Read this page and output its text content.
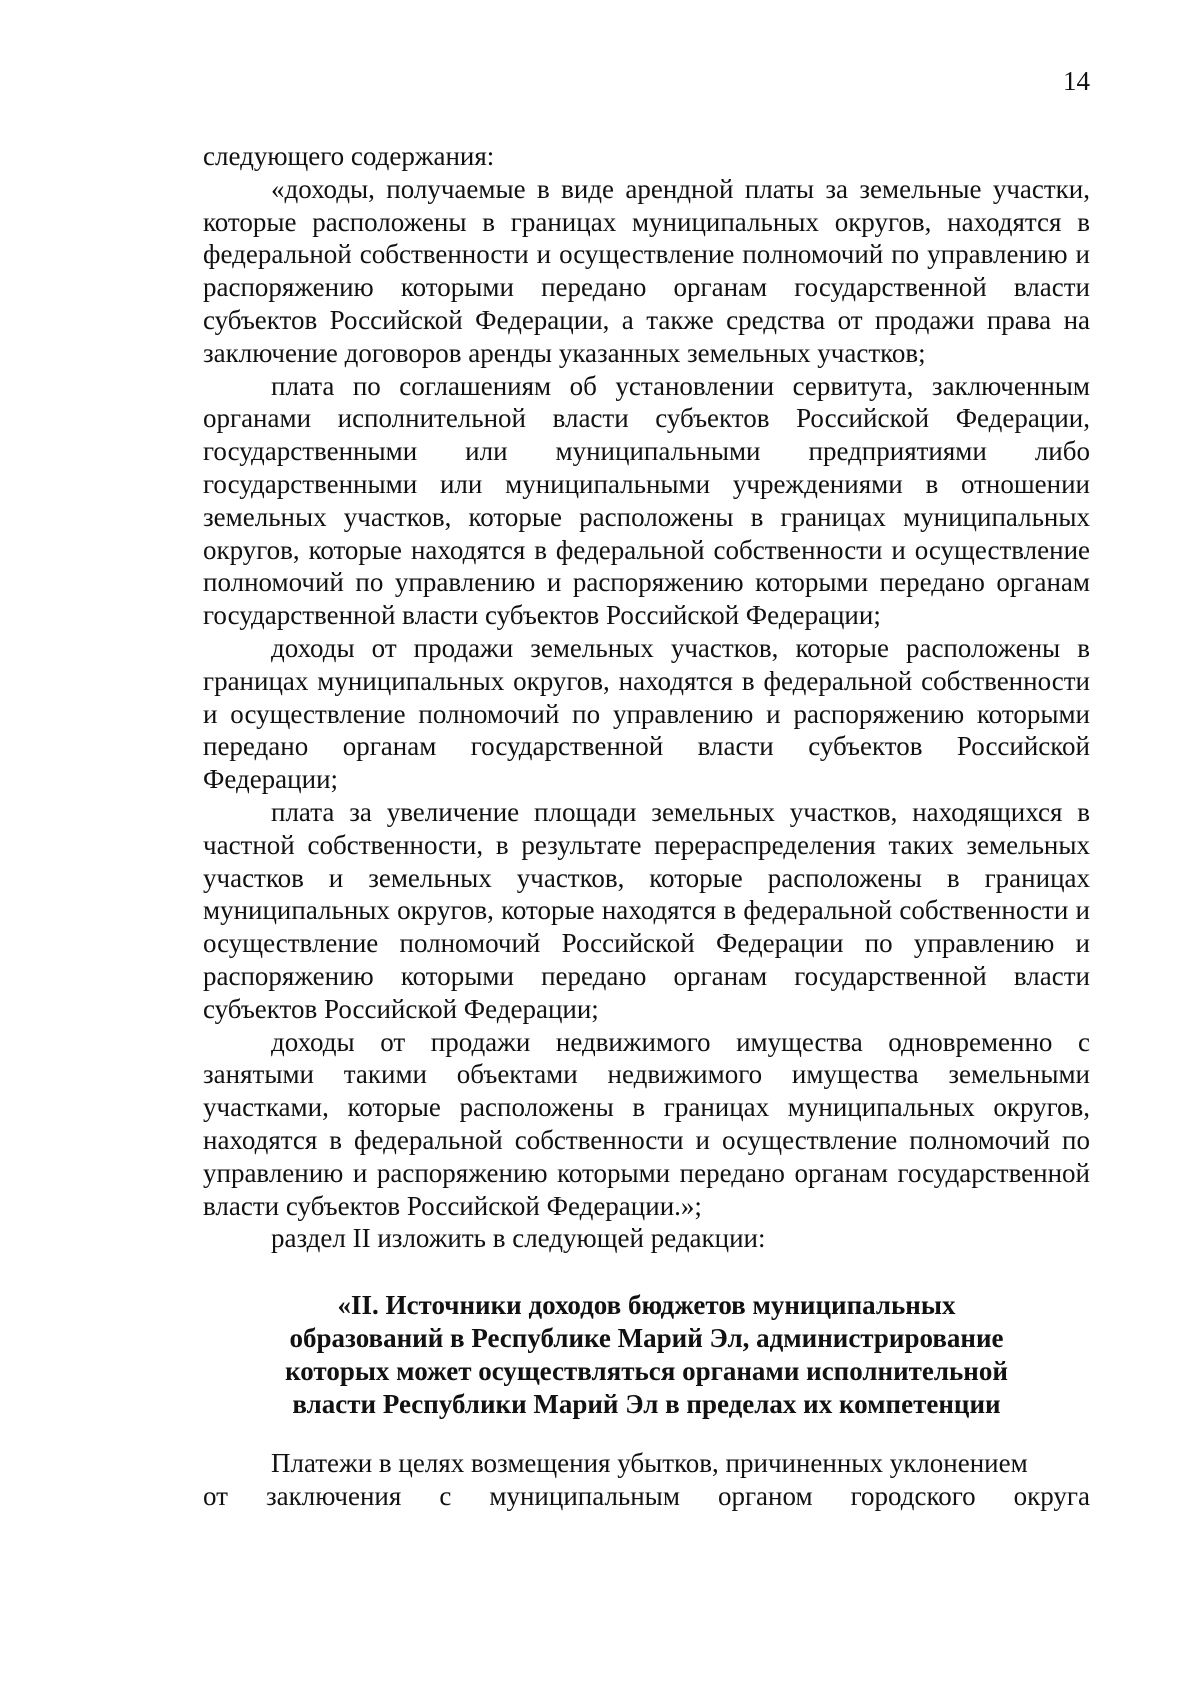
14

следующего содержания:

«доходы, получаемые в виде арендной платы за земельные участки, которые расположены в границах муниципальных округов, находятся в федеральной собственности и осуществление полномочий по управлению и распоряжению которыми передано органам государственной власти субъектов Российской Федерации, а также средства от продажи права на заключение договоров аренды указанных земельных участков;

плата по соглашениям об установлении сервитута, заключенным органами исполнительной власти субъектов Российской Федерации, государственными или муниципальными предприятиями либо государственными или муниципальными учреждениями в отношении земельных участков, которые расположены в границах муниципальных округов, которые находятся в федеральной собственности и осуществление полномочий по управлению и распоряжению которыми передано органам государственной власти субъектов Российской Федерации;

доходы от продажи земельных участков, которые расположены в границах муниципальных округов, находятся в федеральной собственности и осуществление полномочий по управлению и распоряжению которыми передано органам государственной власти субъектов Российской Федерации;

плата за увеличение площади земельных участков, находящихся в частной собственности, в результате перераспределения таких земельных участков и земельных участков, которые расположены в границах муниципальных округов, которые находятся в федеральной собственности и осуществление полномочий Российской Федерации по управлению и распоряжению которыми передано органам государственной власти субъектов Российской Федерации;

доходы от продажи недвижимого имущества одновременно с занятыми такими объектами недвижимого имущества земельными участками, которые расположены в границах муниципальных округов, находятся в федеральной собственности и осуществление полномочий по управлению и распоряжению которыми передано органам государственной власти субъектов Российской Федерации.»;

раздел II изложить в следующей редакции:

«II. Источники доходов бюджетов муниципальных
образований в Республике Марий Эл, администрирование
которых может осуществляться органами исполнительной
власти Республики Марий Эл в пределах их компетенции

Платежи в целях возмещения убытков, причиненных уклонением

от заключения с муниципальным органом городского округа
